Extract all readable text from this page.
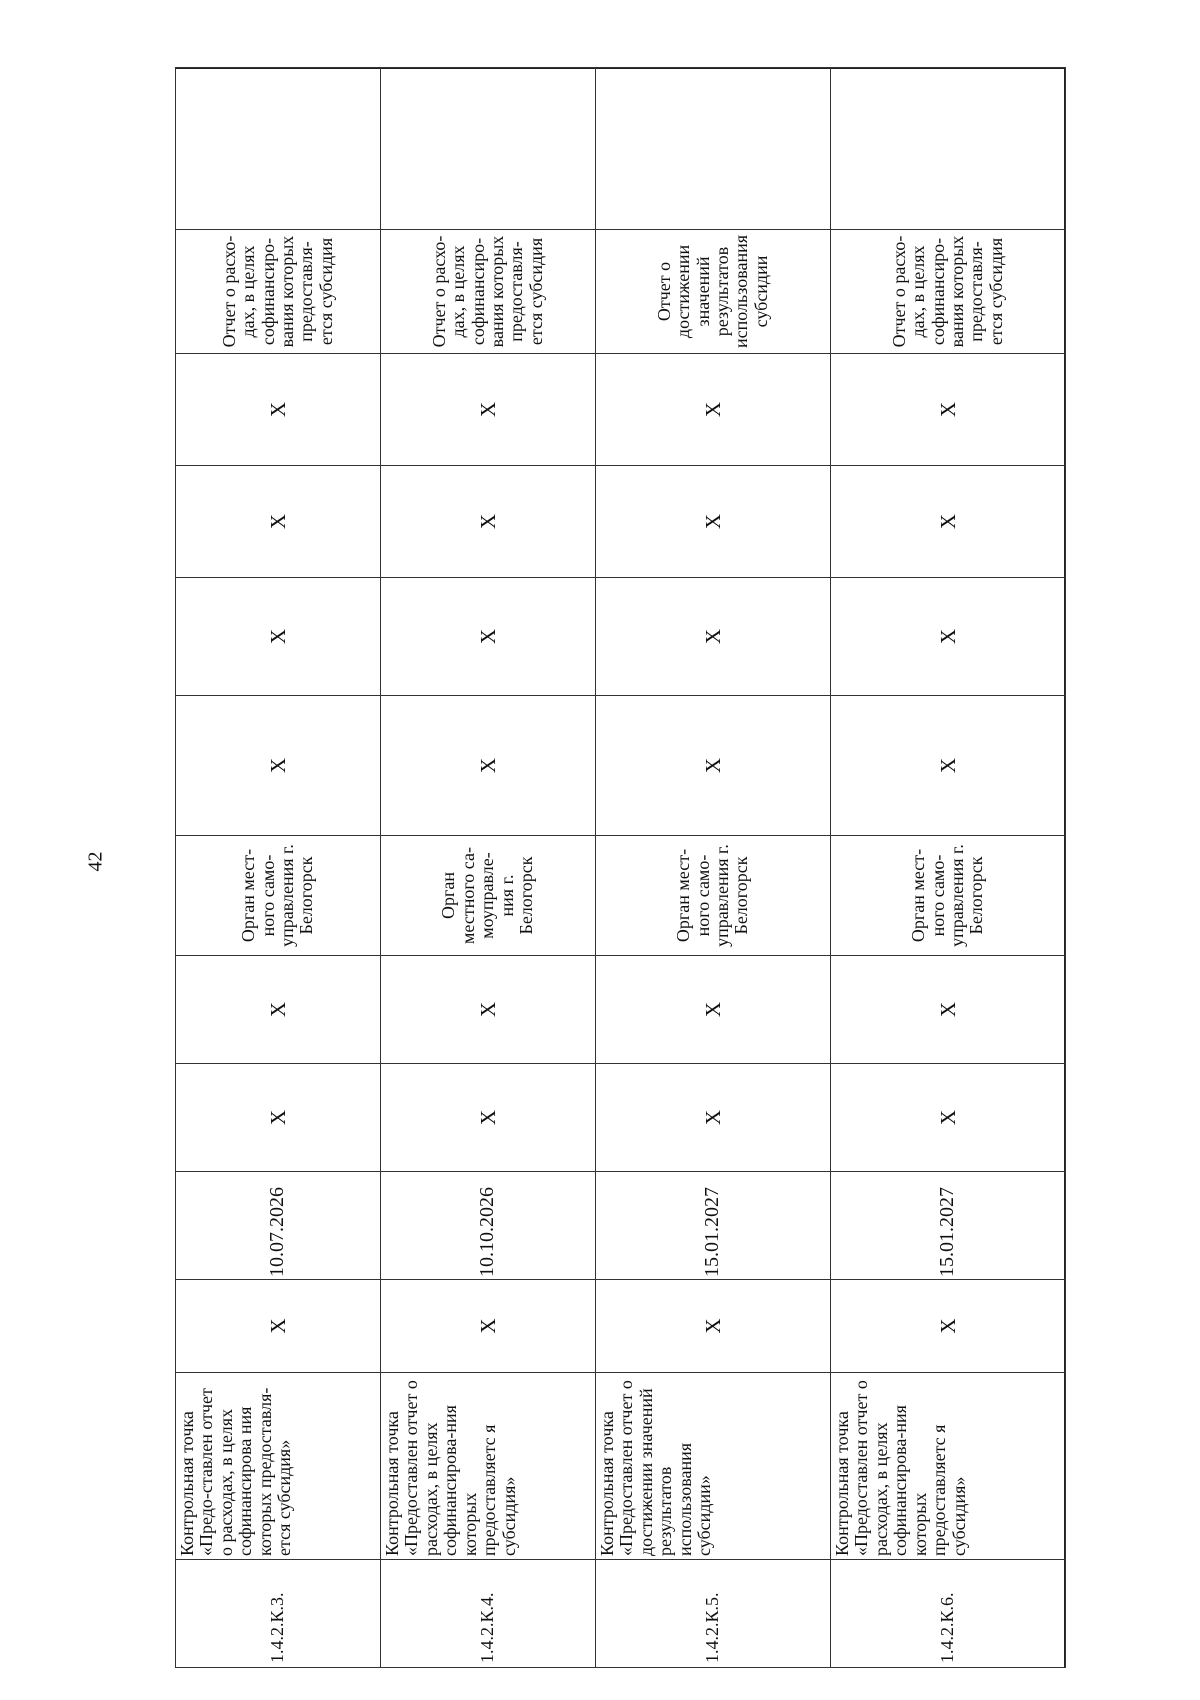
42
1.4.2.К.3.	Контрольная точка «Предо-ставлен отчет о расходах, в целях софинансирова ния которых предоставля-ется субсидия»	X	10.07.2026	X	X	Орган мест-ного само-управления г. Белогорск	X	X	X	X	Отчет о расхо-дах, в целях софинансиро-вания которых предоставля-ется субсидия	
1.4.2.К.4.	Контрольная точка «Предоставлен отчет о расходах, в целях софинансирова-ния которых предоставляетс я субсидия»	X	10.10.2026	X	X	Орган местного са-моуправле-ния г. Белогорск	X	X	X	X	Отчет о расхо-дах, в целях софинансиро-вания которых предоставля-ется субсидия	
1.4.2.К.5.	Контрольная точка «Предоставлен отчет о достижении значений результатов использования субсидии»	X	15.01.2027	X	X	Орган мест-ного само-управления г. Белогорск	X	X	X	X	Отчет о достижении значений результатов использования субсидии	
1.4.2.К.6.	Контрольная точка «Предоставлен отчет о расходах, в целях софинансирова-ния которых предоставляетс я субсидия»	X	15.01.2027	X	X	Орган мест-ного само-управления г. Белогорск	X	X	X	X	Отчет о расхо-дах, в целях софинансиро-вания которых предоставля-ется субсидия	
